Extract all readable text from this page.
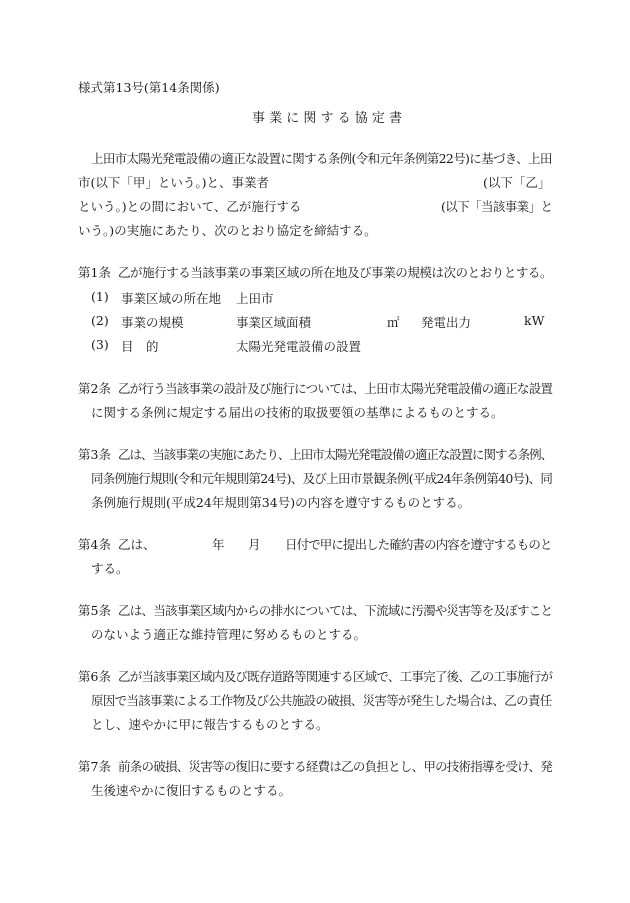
様式第13号(第14条関係)
事 業 に 関 す る 協 定 書
上田市太陽光発電設備の適正な設置に関する条例(令和元年条例第22号)に基づき、上田
市(以下「甲」という。)と、事業者	(以下「乙」
という。)との間において、乙が施行する	(以下「当該事業」と
いう。)の実施にあたり、次のとおり協定を締結する。
第1条 乙が施行する当該事業の事業区域の所在地及び事業の規模は次のとおりとする。
(1) 事業区域の所在地 上田市
(2) 事業の規模	事業区域面積	㎡ 発電出力	kW
(3) 目　的	太陽光発電設備の設置
第2条 乙が行う当該事業の設計及び施行については、上田市太陽光発電設備の適正な設置
に関する条例に規定する届出の技術的取扱要領の基準によるものとする。
第3条 乙は、当該事業の実施にあたり、上田市太陽光発電設備の適正な設置に関する条例、
同条例施行規則(令和元年規則第24号)、及び上田市景観条例(平成24年条例第40号)、同
条例施行規則(平成24年規則第34号)の内容を遵守するものとする。
第4条 乙は、	年 月 日付で甲に提出した確約書の内容を遵守するものと
する。
第5条 乙は、当該事業区域内からの排水については、下流域に汚濁や災害等を及ぼすこと
のないよう適正な維持管理に努めるものとする。
第6条 乙が当該事業区域内及び既存道路等関連する区域で、工事完了後、乙の工事施行が
原因で当該事業による工作物及び公共施設の破損、災害等が発生した場合は、乙の責任
とし、速やかに甲に報告するものとする。
第7条 前条の破損、災害等の復旧に要する経費は乙の負担とし、甲の技術指導を受け、発
生後速やかに復旧するものとする。
